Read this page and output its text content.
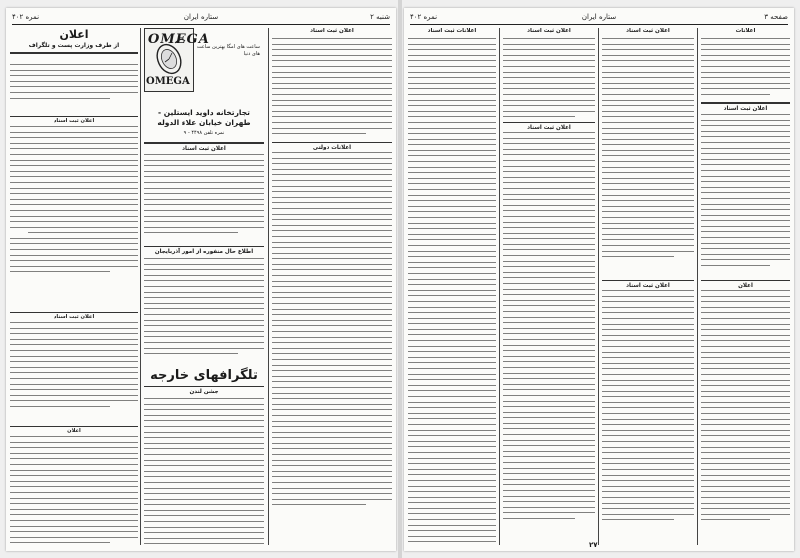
نمره ۴۰۲	ستاره ایران	شنبه ۲
اعلان
از طرف وزارت پست و تلگراف
اعلان ثبت اسناد
اعلان ثبت اسناد
اعلان
OMEGA
OMEGA
ساعت های امگا بهترین ساعت های دنیا
تجارتخانه داوید ایستلین - طهران خیابان علاء الدوله
نمره تلفن ۴۴۹۸ - ۹
اعلان ثبت اسناد
اطلاع حال منفوره از امور آذربایجان
تلگرافهای خارجه
جشن لندن
اعلان ثبت اسناد
اعلانات دولتی
نمره ۴۰۲	ستاره ایران	صفحه ۳
اعلانات ثبت اسناد	اعلان ثبت اسناد
اعلان ثبت اسناد
اعلان ثبت اسناد
اعلان ثبت اسناد
اعلانات
اعلان ثبت اسناد
اعلان
۲۷
